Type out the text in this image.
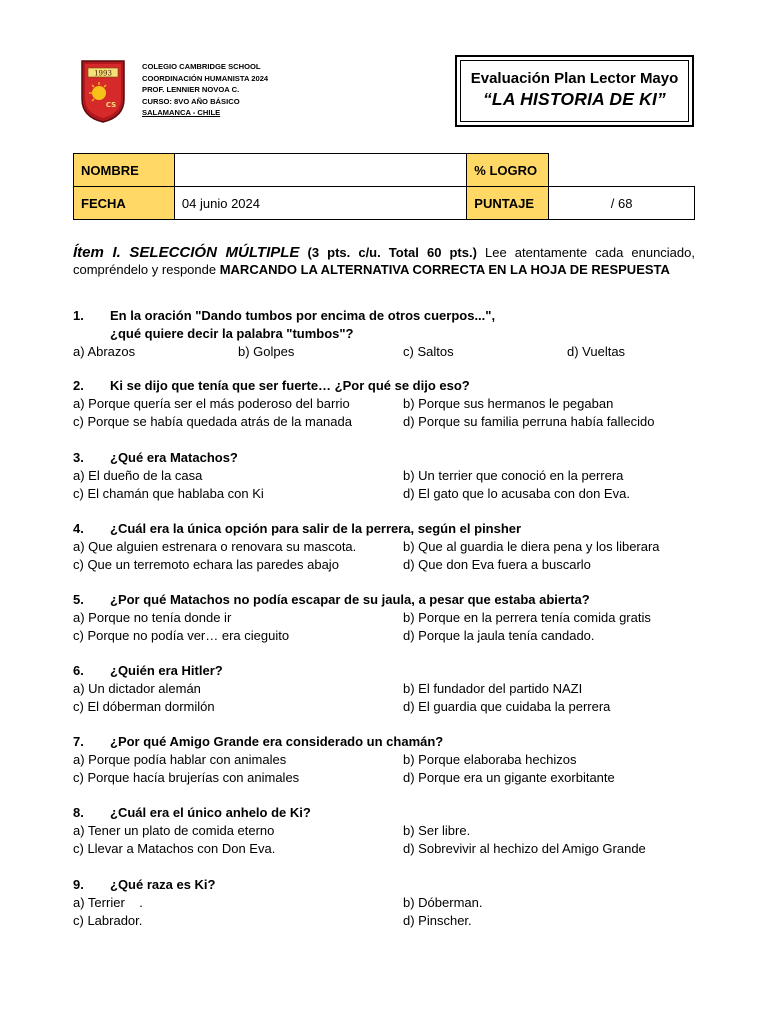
1993
CS
COLEGIO CAMBRIDGE SCHOOL
COORDINACIÓN HUMANISTA 2024
PROF. LENNIER NOVOA C.
CURSO: 8VO AÑO BÁSICO
SALAMANCA - CHILE
Evaluación Plan Lector Mayo
“LA HISTORIA DE KI”
NOMBRE		% LOGRO	
FECHA	04 junio 2024	PUNTAJE	/ 68
Ítem I. SELECCIÓN MÚLTIPLE (3 pts. c/u. Total 60 pts.) Lee atentamente cada enunciado,
compréndelo y responde MARCANDO LA ALTERNATIVA CORRECTA EN LA HOJA DE RESPUESTA
1. En la oración "Dando tumbos por encima de otros cuerpos...",
¿qué quiere decir la palabra "tumbos"?
a) Abrazos	b) Golpes	c) Saltos	d) Vueltas
2. Ki se dijo que tenía que ser fuerte… ¿Por qué se dijo eso?
a) Porque quería ser el más poderoso del barrio	b) Porque sus hermanos le pegaban
c) Porque se había quedada atrás de la manada	d) Porque su familia perruna había fallecido
3. ¿Qué era Matachos?
a) El dueño de la casa	b) Un terrier que conoció en la perrera
c) El chamán que hablaba con Ki	d) El gato que lo acusaba con don Eva.
4. ¿Cuál era la única opción para salir de la perrera, según el pinsher
a) Que alguien estrenara o renovara su mascota.	b) Que al guardia le diera pena y los liberara
c) Que un terremoto echara las paredes abajo	d) Que don Eva fuera a buscarlo
5. ¿Por qué Matachos no podía escapar de su jaula, a pesar que estaba abierta?
a) Porque no tenía donde ir	b) Porque en la perrera tenía comida gratis
c) Porque no podía ver… era cieguito	d) Porque la jaula tenía candado.
6. ¿Quién era Hitler?
a) Un dictador alemán	b) El fundador del partido NAZI
c) El dóberman dormilón	d) El guardia que cuidaba la perrera
7. ¿Por qué Amigo Grande era considerado un chamán?
a) Porque podía hablar con animales	b) Porque elaboraba hechizos
c) Porque hacía brujerías con animales	d) Porque era un gigante exorbitante
8. ¿Cuál era el único anhelo de Ki?
a) Tener un plato de comida eterno	b) Ser libre.
c) Llevar a Matachos con Don Eva.	d) Sobrevivir al hechizo del Amigo Grande
9. ¿Qué raza es Ki?
a) Terrier    .	b) Dóberman.
c) Labrador.	d) Pinscher.
